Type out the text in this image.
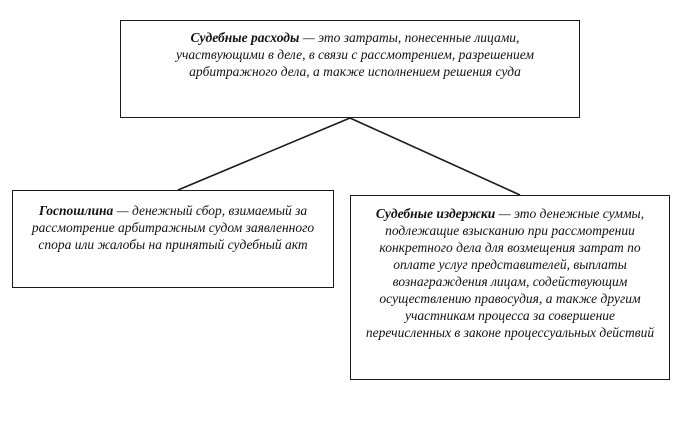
Судебные расходы — это затраты, понесенные лицами, участвующими в деле, в связи с рассмотрением, разрешением арбитражного дела, а также исполнением решения суда
Госпошлина — денежный сбор, взимаемый за рассмотрение арбитражным судом заявленного спора или жалобы на принятый судебный акт
Судебные издержки — это денежные суммы, подлежащие взысканию при рассмотрении конкретного дела для возмещения затрат по оплате услуг представителей, выплаты вознаграждения лицам, содействующим осуществлению правосудия, а также другим участникам процесса за совершение перечисленных в законе процессуальных действий
